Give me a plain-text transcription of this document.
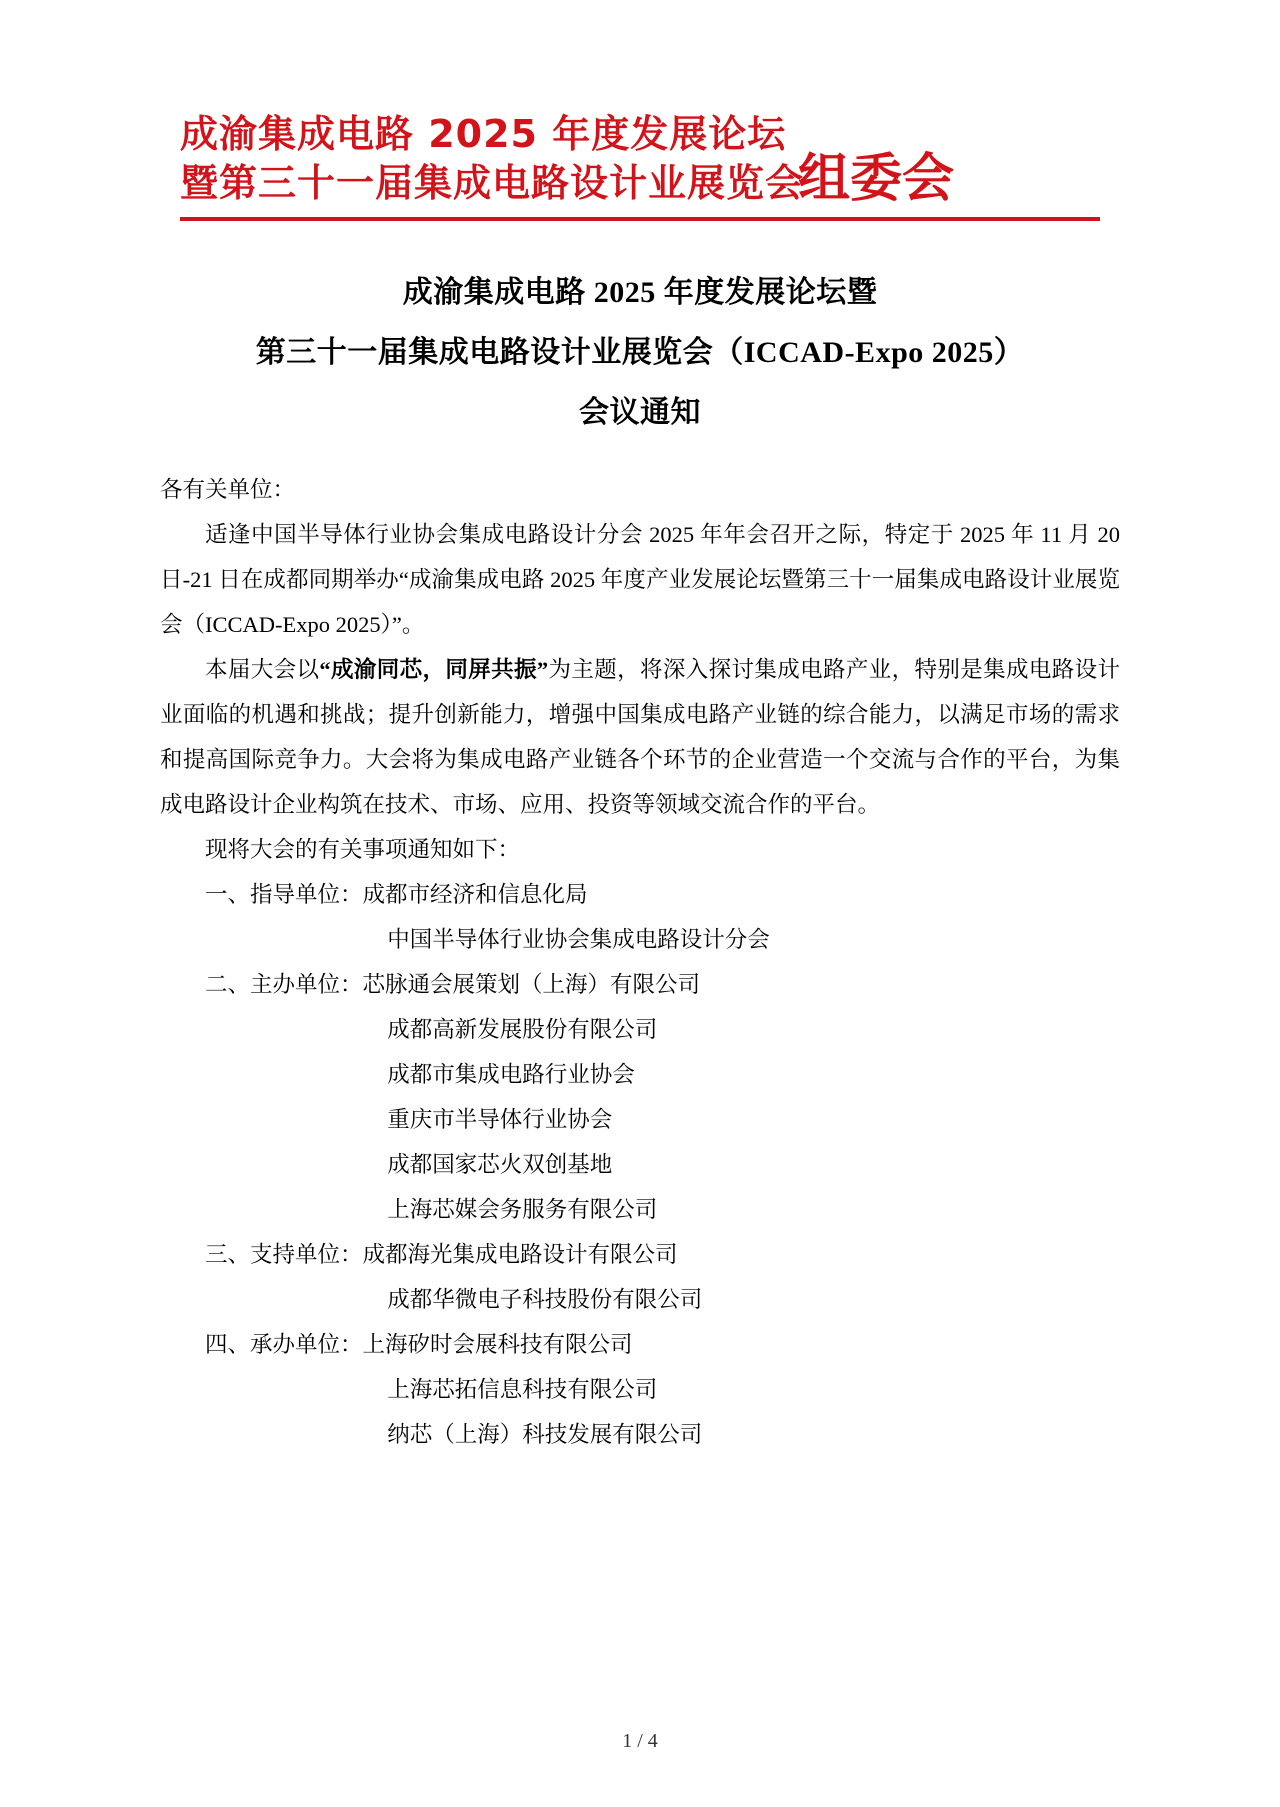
成渝集成电路 2025 年度发展论坛
暨第三十一届集成电路设计业展览会
组委会
成渝集成电路 2025 年度发展论坛暨
第三十一届集成电路设计业展览会（ICCAD-Expo 2025）
会议通知

各有关单位：

适逢中国半导体行业协会集成电路设计分会 2025 年年会召开之际，特定于 2025 年 11 月 20 日-21 日在成都同期举办“成渝集成电路 2025 年度产业发展论坛暨第三十一届集成电路设计业展览会（ICCAD-Expo 2025）”。

本届大会以“成渝同芯，同屏共振”为主题，将深入探讨集成电路产业，特别是集成电路设计业面临的机遇和挑战；提升创新能力，增强中国集成电路产业链的综合能力，以满足市场的需求和提高国际竞争力。大会将为集成电路产业链各个环节的企业营造一个交流与合作的平台，为集成电路设计企业构筑在技术、市场、应用、投资等领域交流合作的平台。

现将大会的有关事项通知如下：

一、指导单位： 成都市经济和信息化局
中国半导体行业协会集成电路设计分会
二、主办单位： 芯脉通会展策划（上海）有限公司
成都高新发展股份有限公司
成都市集成电路行业协会
重庆市半导体行业协会
成都国家芯火双创基地
上海芯媒会务服务有限公司
三、支持单位： 成都海光集成电路设计有限公司
成都华微电子科技股份有限公司
四、承办单位： 上海矽时会展科技有限公司
上海芯拓信息科技有限公司
纳芯（上海）科技发展有限公司
1 / 4
